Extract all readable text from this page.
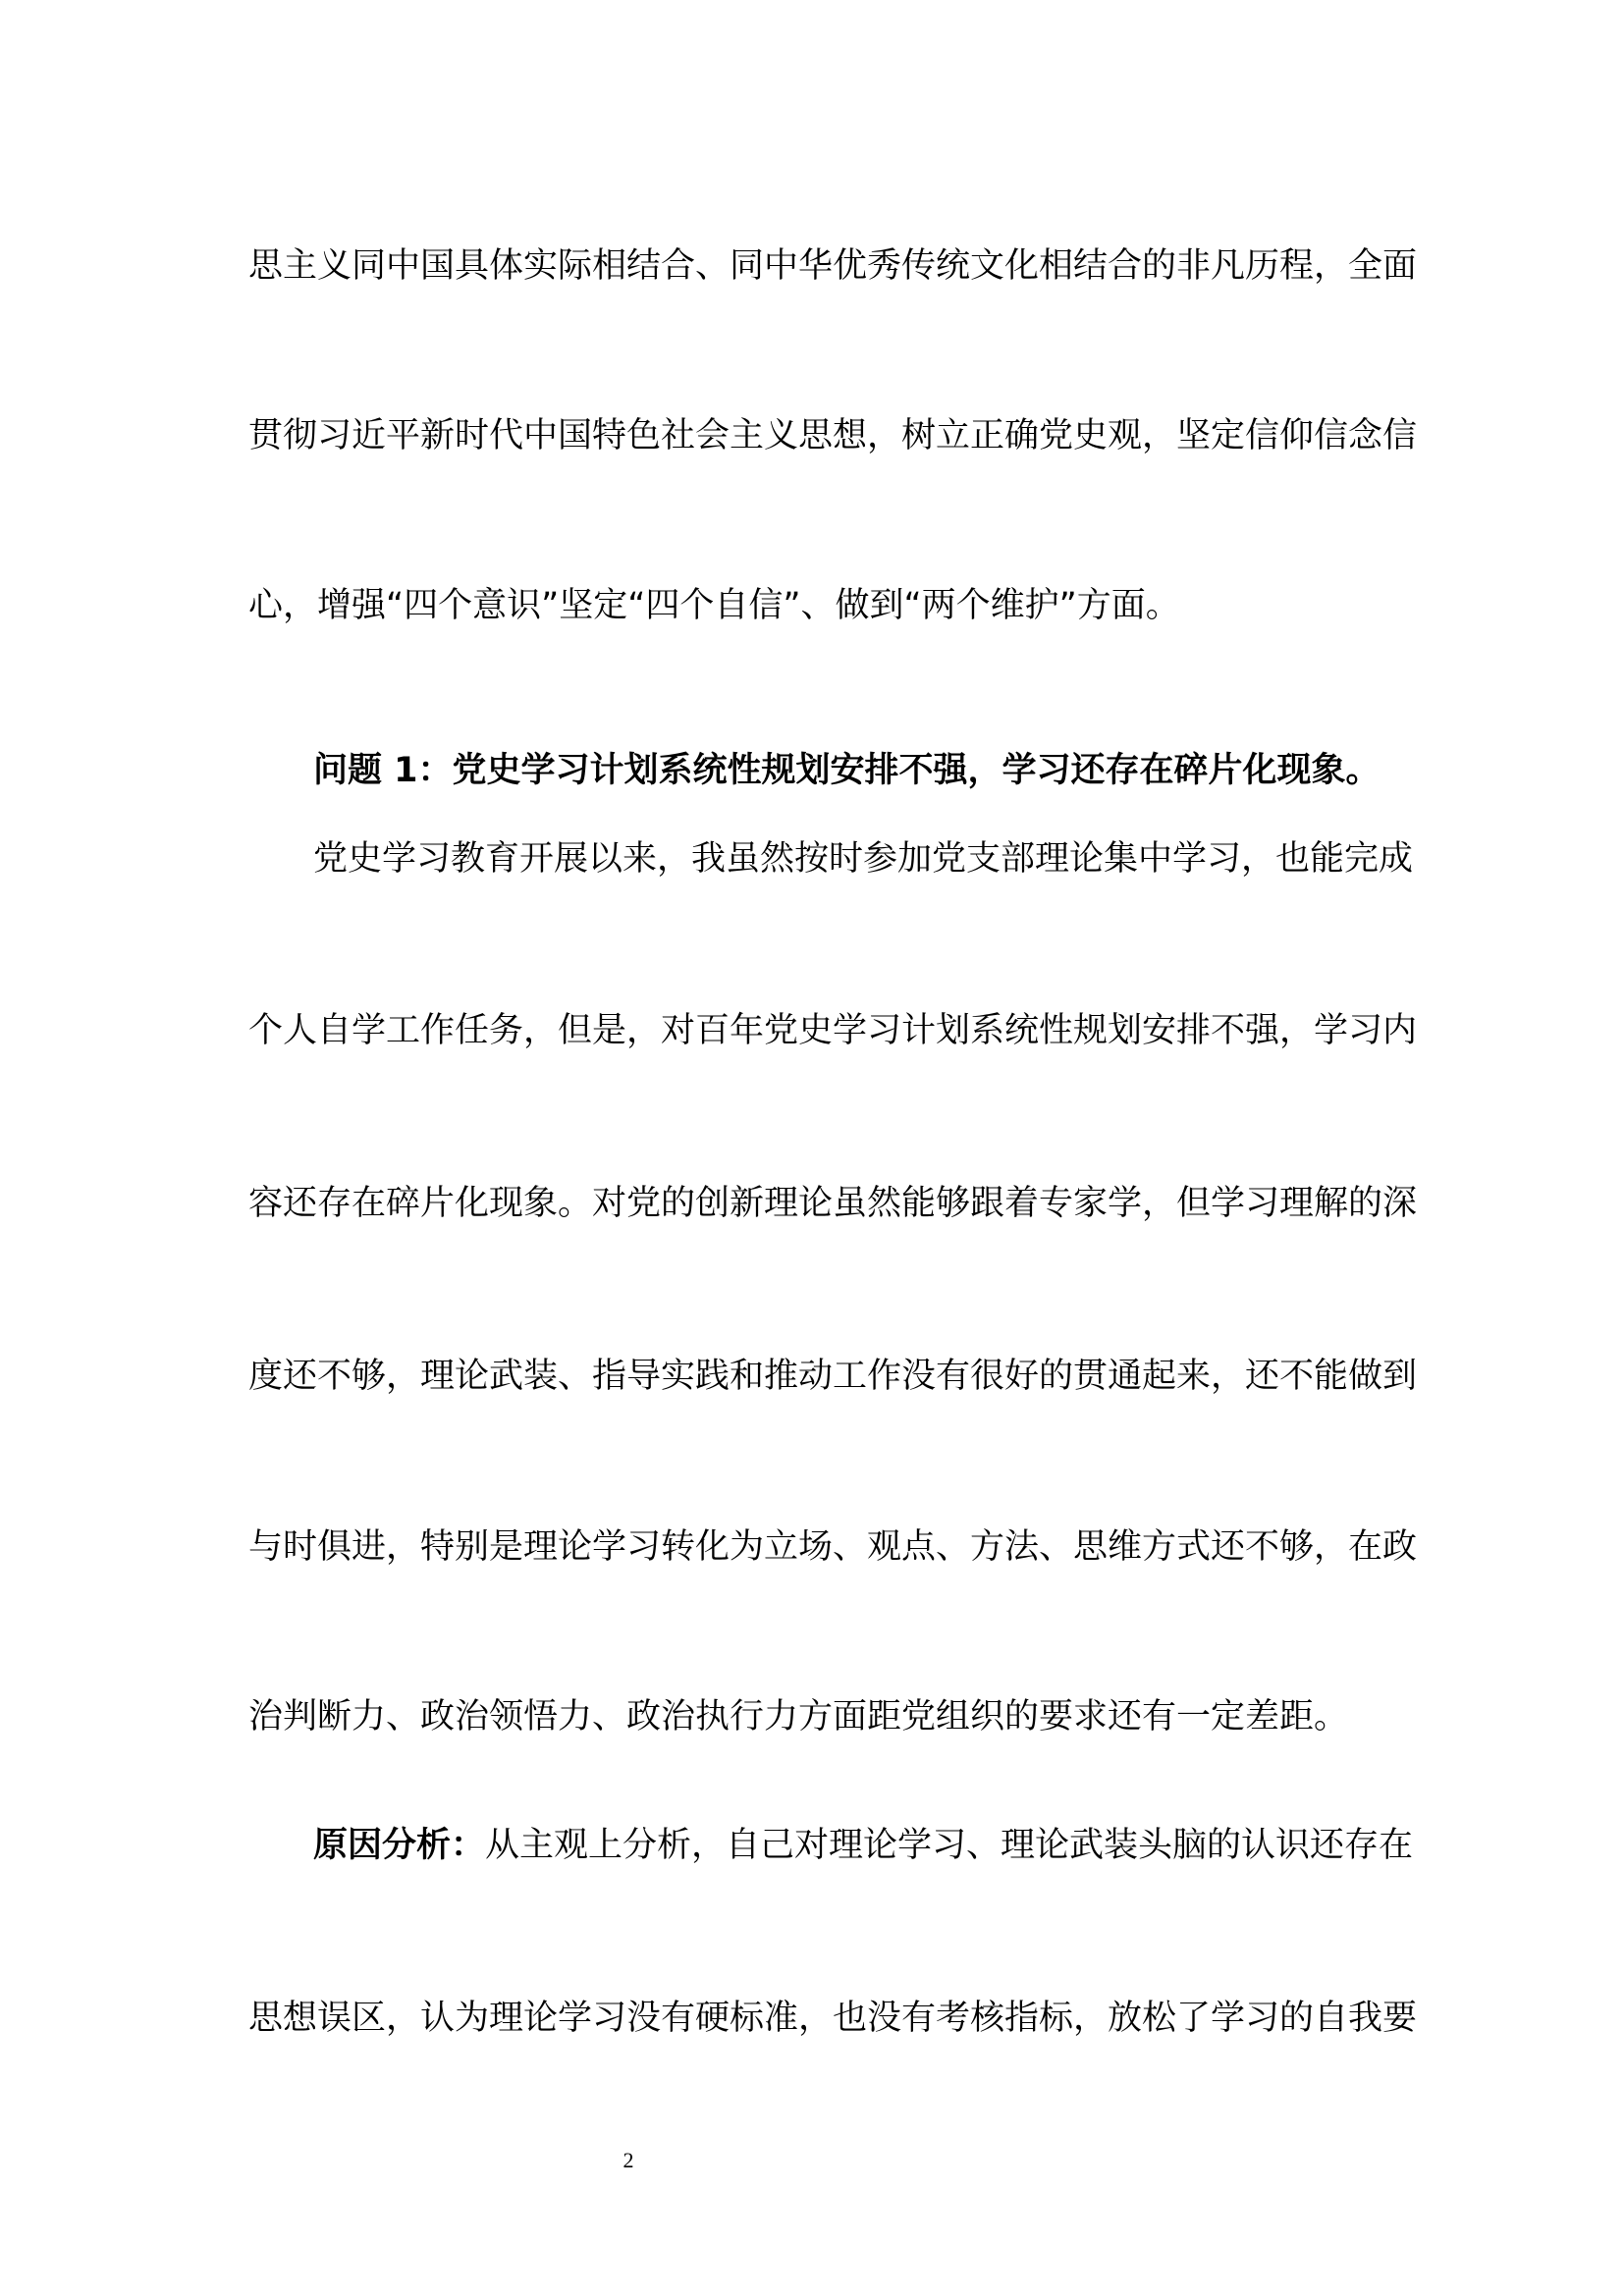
思主义同中国具体实际相结合、同中华优秀传统文化相结合的非凡历程，全面
贯彻习近平新时代中国特色社会主义思想，树立正确党史观，坚定信仰信念信
心，增强“四个意识”坚定“四个自信”、做到“两个维护”方面。
问题 1：党史学习计划系统性规划安排不强，学习还存在碎片化现象。
党史学习教育开展以来，我虽然按时参加党支部理论集中学习，也能完成
个人自学工作任务，但是，对百年党史学习计划系统性规划安排不强，学习内
容还存在碎片化现象。对党的创新理论虽然能够跟着专家学，但学习理解的深
度还不够，理论武装、指导实践和推动工作没有很好的贯通起来，还不能做到
与时俱进，特别是理论学习转化为立场、观点、方法、思维方式还不够，在政
治判断力、政治领悟力、政治执行力方面距党组织的要求还有一定差距。
原因分析：从主观上分析，自己对理论学习、理论武装头脑的认识还存在
思想误区，认为理论学习没有硬标准，也没有考核指标，放松了学习的自我要
2
